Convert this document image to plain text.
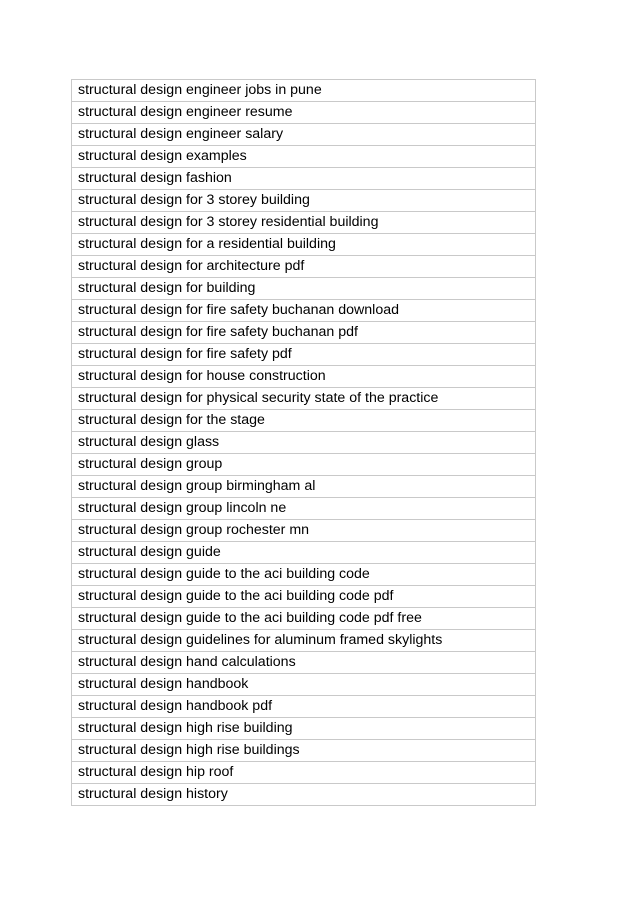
structural design engineer jobs in pune
structural design engineer resume
structural design engineer salary
structural design examples
structural design fashion
structural design for 3 storey building
structural design for 3 storey residential building
structural design for a residential building
structural design for architecture pdf
structural design for building
structural design for fire safety buchanan download
structural design for fire safety buchanan pdf
structural design for fire safety pdf
structural design for house construction
structural design for physical security state of the practice
structural design for the stage
structural design glass
structural design group
structural design group birmingham al
structural design group lincoln ne
structural design group rochester mn
structural design guide
structural design guide to the aci building code
structural design guide to the aci building code pdf
structural design guide to the aci building code pdf free
structural design guidelines for aluminum framed skylights
structural design hand calculations
structural design handbook
structural design handbook pdf
structural design high rise building
structural design high rise buildings
structural design hip roof
structural design history
